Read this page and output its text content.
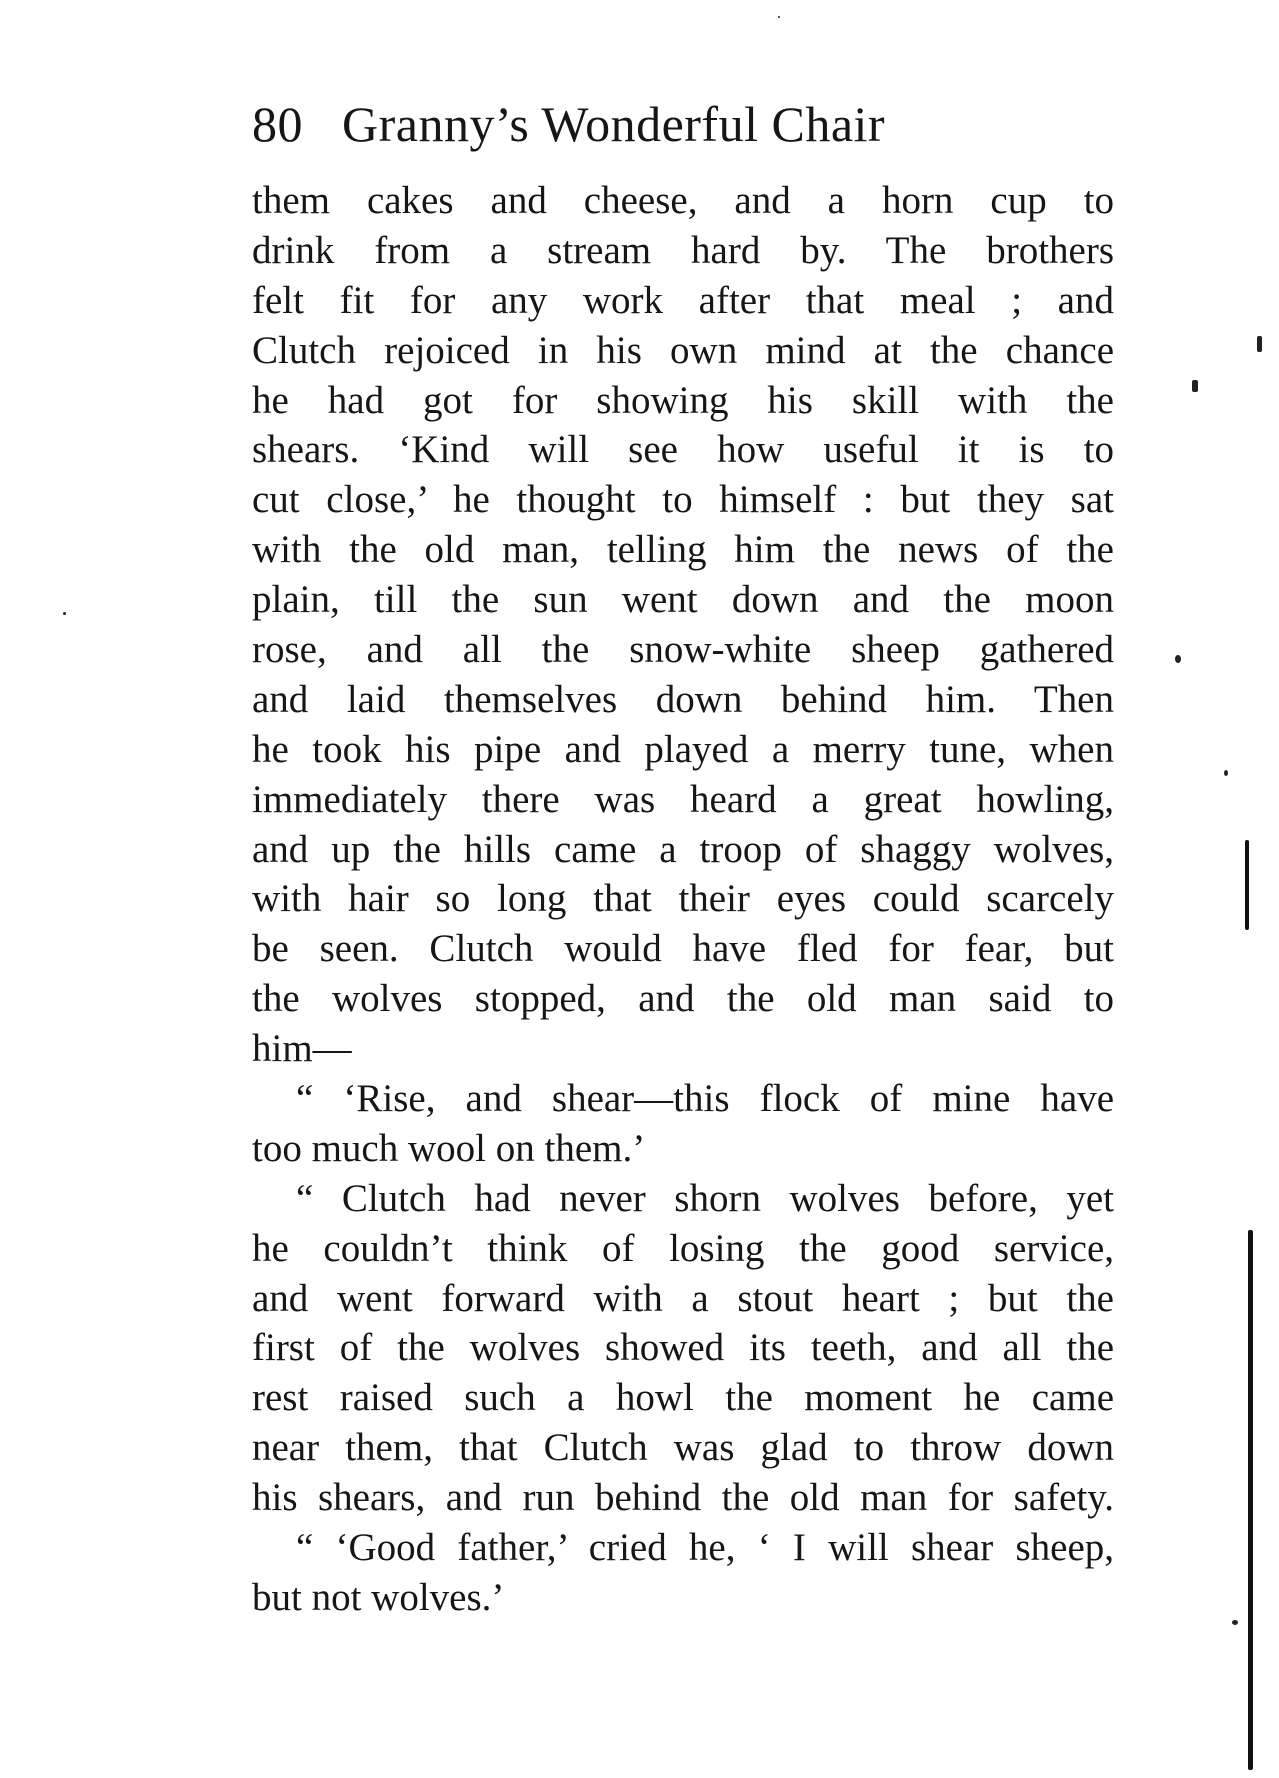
80 Granny’s Wonderful Chair
them cakes and cheese, and a horn cup to
drink from a stream hard by. The brothers
felt fit for any work after that meal ; and
Clutch rejoiced in his own mind at the chance
he had got for showing his skill with the
shears. ‘Kind will see how useful it is to
cut close,’ he thought to himself : but they sat
with the old man, telling him the news of the
plain, till the sun went down and the moon
rose, and all the snow-white sheep gathered
and laid themselves down behind him. Then
he took his pipe and played a merry tune, when
immediately there was heard a great howling,
and up the hills came a troop of shaggy wolves,
with hair so long that their eyes could scarcely
be seen. Clutch would have fled for fear, but
the wolves stopped, and the old man said to
him—
“ ‘Rise, and shear—this flock of mine have
too much wool on them.’
“ Clutch had never shorn wolves before, yet
he couldn’t think of losing the good service,
and went forward with a stout heart ; but the
first of the wolves showed its teeth, and all the
rest raised such a howl the moment he came
near them, that Clutch was glad to throw down
his shears, and run behind the old man for safety.
“ ‘Good father,’ cried he, ‘ I will shear sheep,
but not wolves.’
